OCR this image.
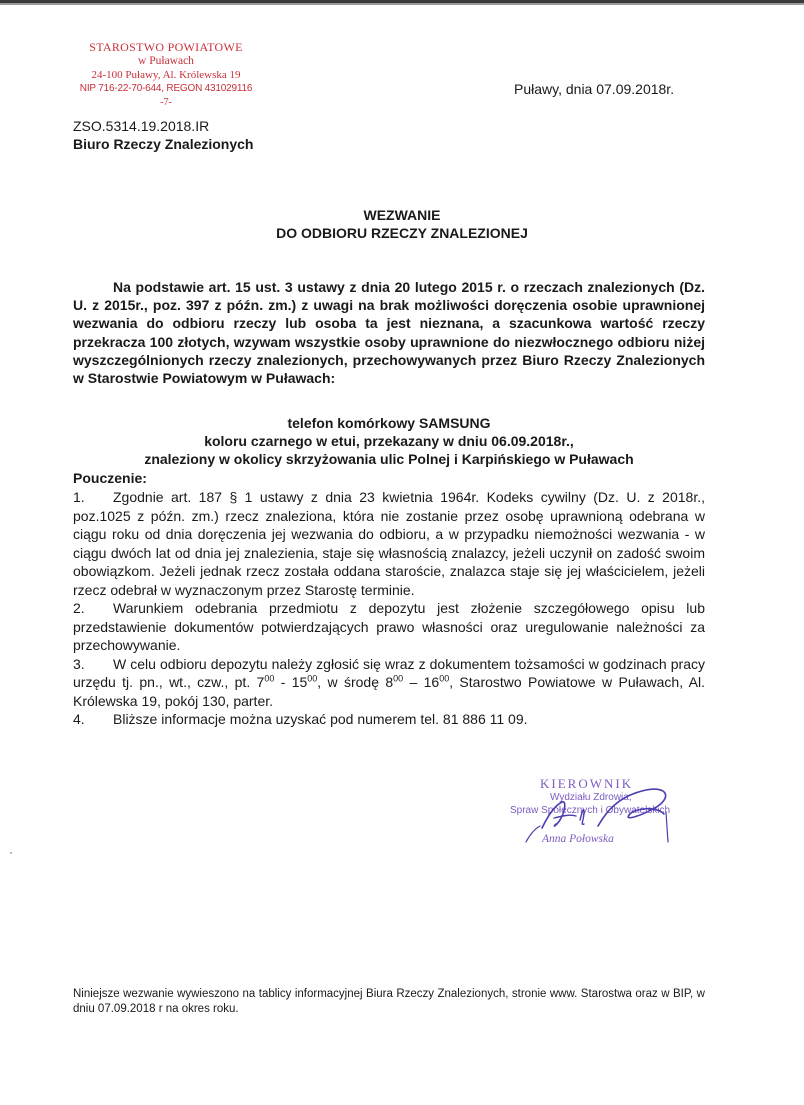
STAROSTWO POWIATOWE
w Puławach
24-100 Puławy, Al. Królewska 19
NIP 716-22-70-644, REGON 431029116
-7-
Puławy, dnia 07.09.2018r.
ZSO.5314.19.2018.IR
Biuro Rzeczy Znalezionych
WEZWANIE
DO ODBIORU RZECZY ZNALEZIONEJ

Na podstawie art. 15 ust. 3 ustawy z dnia 20 lutego 2015 r. o rzeczach znalezionych (Dz. U. z 2015r., poz. 397 z późn. zm.) z uwagi na brak możliwości doręczenia osobie uprawnionej wezwania do odbioru rzeczy lub osoba ta jest nieznana, a szacunkowa wartość rzeczy przekracza 100 złotych, wzywam wszystkie osoby uprawnione do niezwłocznego odbioru niżej wyszczególnionych rzeczy znalezionych, przechowywanych przez Biuro Rzeczy Znalezionych w Starostwie Powiatowym w Puławach:

telefon komórkowy SAMSUNG
koloru czarnego w etui, przekazany w dniu 06.09.2018r.,
znaleziony w okolicy skrzyżowania ulic Polnej i Karpińskiego w Puławach
Pouczenie:
1.	Zgodnie art. 187 § 1 ustawy z dnia 23 kwietnia 1964r. Kodeks cywilny (Dz. U. z 2018r., poz.1025 z późn. zm.) rzecz znaleziona, która nie zostanie przez osobę uprawnioną odebrana w ciągu roku od dnia doręczenia jej wezwania do odbioru, a w przypadku niemożności wezwania - w ciągu dwóch lat od dnia jej znalezienia, staje się własnością znalazcy, jeżeli uczynił on zadość swoim obowiązkom. Jeżeli jednak rzecz została oddana staroście, znalazca staje się jej właścicielem, jeżeli rzecz odebrał w wyznaczonym przez Starostę terminie.
2.	Warunkiem odebrania przedmiotu z depozytu jest złożenie szczegółowego opisu lub przedstawienie dokumentów potwierdzających prawo własności oraz uregulowanie należności za przechowywanie.
3.	W celu odbioru depozytu należy zgłosić się wraz z dokumentem tożsamości w godzinach pracy urzędu tj. pn., wt., czw., pt. $7^{00} - 15^{00}$, w środę $8^{00} - 16^{00}$, Starostwo Powiatowe w Puławach, Al. Królewska 19, pokój 130, parter.
4.	Bliższe informacje można uzyskać pod numerem tel. 81 886 11 09.
KIEROWNIK
Wydziału Zdrowia,
Spraw Społecznych i Obywatelskich
Anna Połowska
Niniejsze wezwanie wywieszono na tablicy informacyjnej Biura Rzeczy Znalezionych, stronie www. Starostwa oraz w BIP, w dniu 07.09.2018 r na okres roku.
